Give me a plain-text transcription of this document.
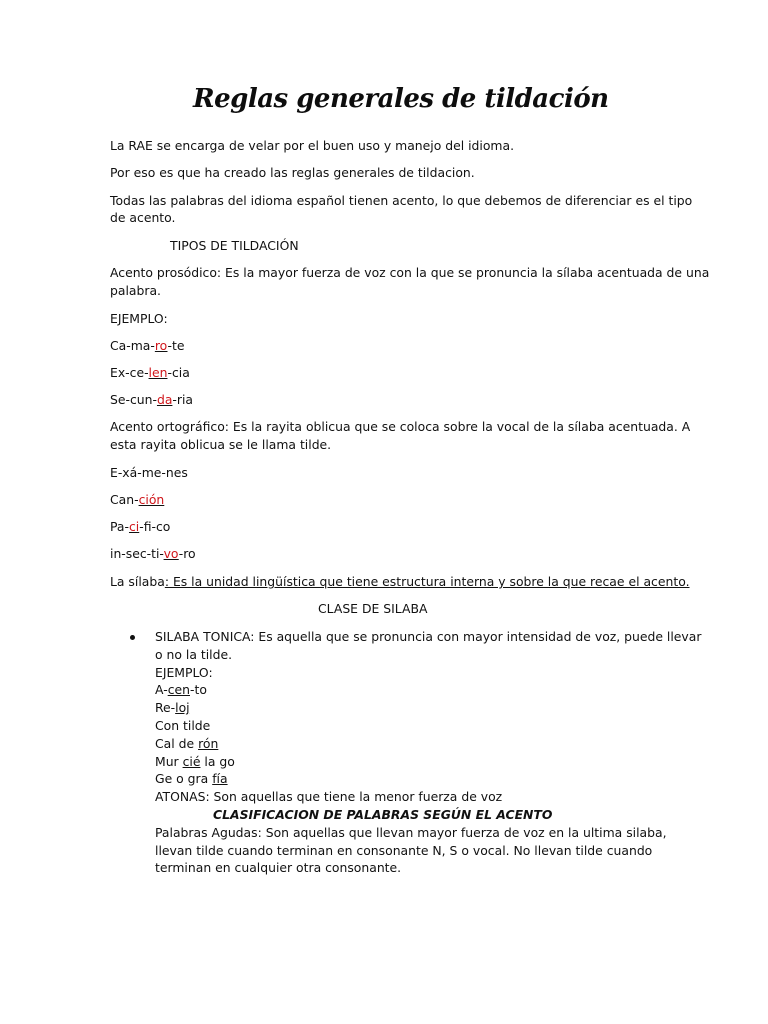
Reglas generales de tildación
La RAE se encarga de velar por el buen uso y manejo del idioma.
Por eso es que ha creado las reglas generales de tildacion.
Todas las palabras del idioma español tienen acento, lo que debemos de diferenciar es el tipo
de acento.
TIPOS DE TILDACIÓN
Acento prosódico: Es la mayor fuerza de voz con la que se pronuncia la sílaba acentuada de una
palabra.
EJEMPLO:
Ca-ma-ro-te
Ex-ce-len-cia
Se-cun-da-ria
Acento ortográfico: Es la rayita oblicua que se coloca sobre la vocal de la sílaba acentuada. A
esta rayita oblicua se le llama tilde.
E-xá-me-nes
Can-ción
Pa-ci-fi-co
in-sec-ti-vo-ro
La sílaba: Es la unidad lingüística que tiene estructura interna y sobre la que recae el acento.
CLASE DE SILABA
SILABA TONICA: Es aquella que se pronuncia con mayor intensidad de voz, puede llevar
o no la tilde.
EJEMPLO:
A-cen-to
Re-loj
Con tilde
Cal de rón
Mur cié la go
Ge o gra fía
ATONAS: Son aquellas que tiene la menor fuerza de voz
CLASIFICACION DE PALABRAS SEGÚN EL ACENTO
Palabras Agudas: Son aquellas que llevan mayor fuerza de voz en la ultima silaba,
llevan tilde cuando terminan en consonante N, S o vocal. No llevan tilde cuando
terminan en cualquier otra consonante.
